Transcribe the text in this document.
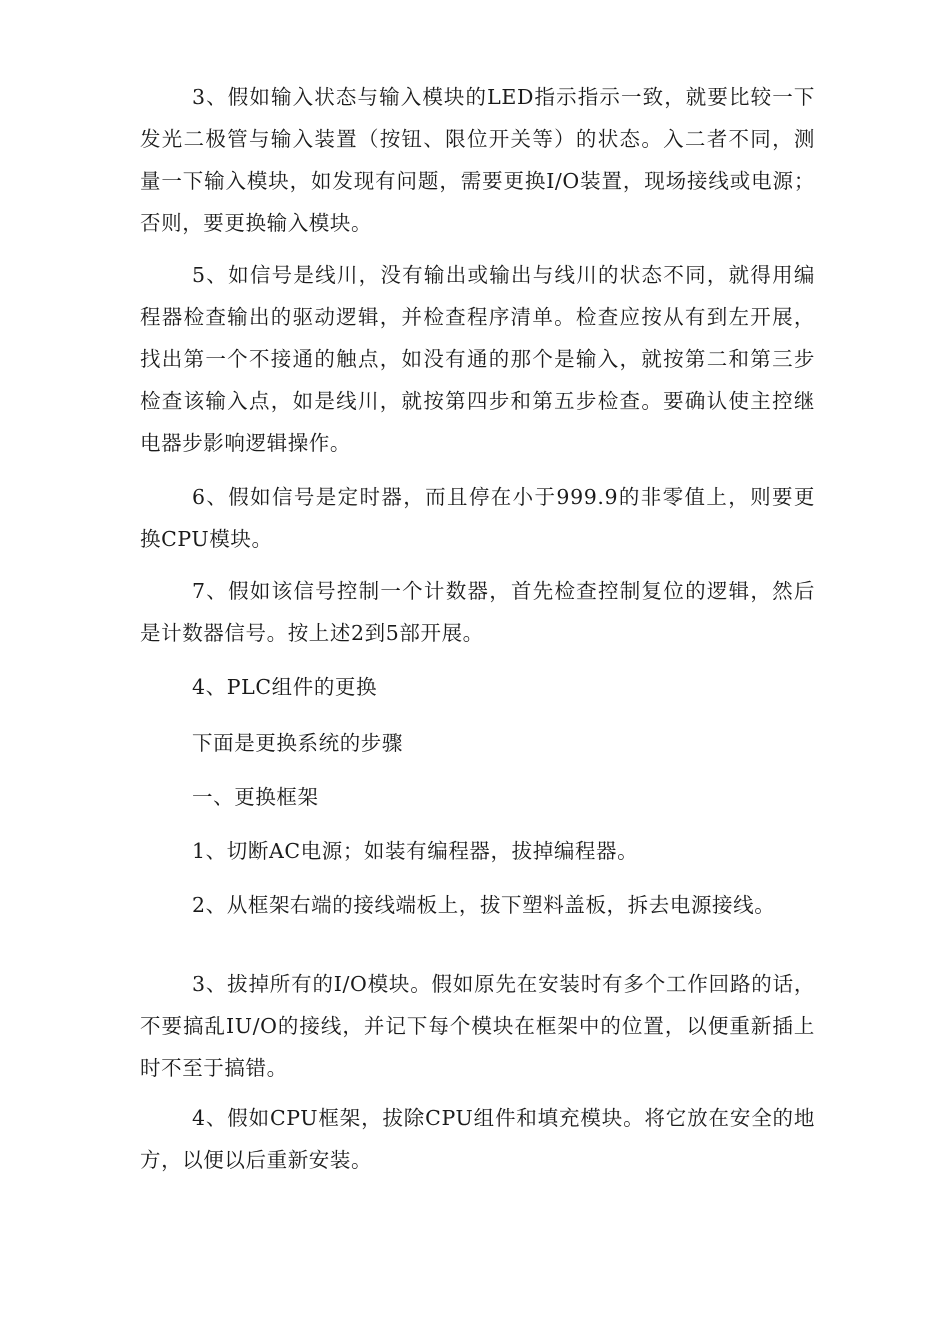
3、假如输入状态与输入模块的LED指示指示一致，就要比较一下发光二极管与输入装置（按钮、限位开关等）的状态。入二者不同，测量一下输入模块，如发现有问题，需要更换I/O装置，现场接线或电源；否则，要更换输入模块。

5、如信号是线川，没有输出或输出与线川的状态不同，就得用编程器检查输出的驱动逻辑，并检查程序清单。检查应按从有到左开展，找出第一个不接通的触点，如没有通的那个是输入，就按第二和第三步检查该输入点，如是线川，就按第四步和第五步检查。要确认使主控继电器步影响逻辑操作。

6、假如信号是定时器，而且停在小于999.9的非零值上，则要更换CPU模块。

7、假如该信号控制一个计数器，首先检查控制复位的逻辑，然后是计数器信号。按上述2到5部开展。

4、PLC组件的更换

下面是更换系统的步骤

一、更换框架

1、切断AC电源；如装有编程器，拔掉编程器。

2、从框架右端的接线端板上，拔下塑料盖板，拆去电源接线。

3、拔掉所有的I/O模块。假如原先在安装时有多个工作回路的话，不要搞乱IU/O的接线，并记下每个模块在框架中的位置，以便重新插上时不至于搞错。

4、假如CPU框架，拔除CPU组件和填充模块。将它放在安全的地方，以便以后重新安装。
